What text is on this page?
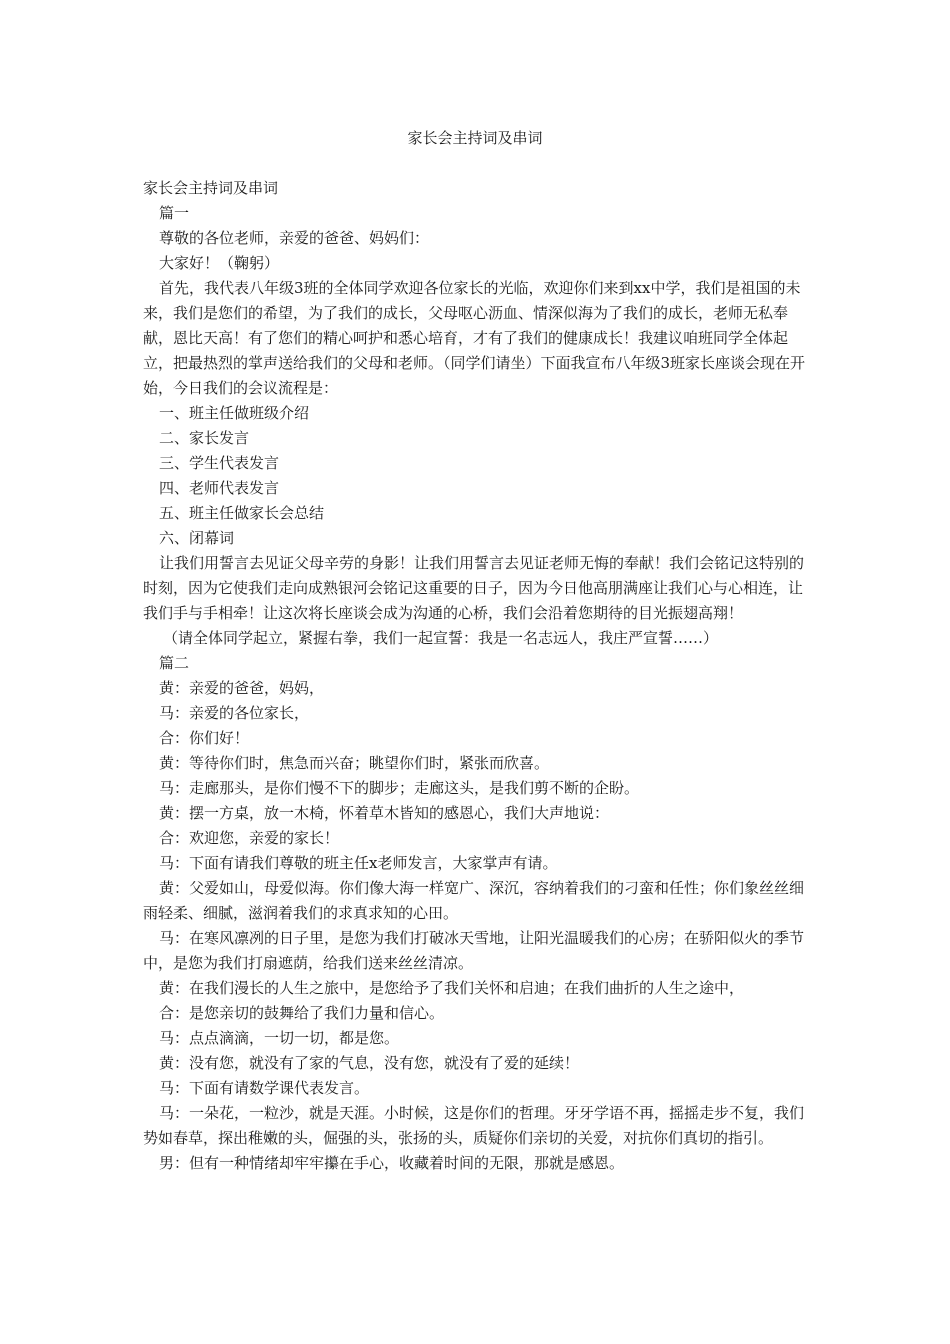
家长会主持词及串词

家长会主持词及串词

篇一

尊敬的各位老师，亲爱的爸爸、妈妈们：

大家好！（鞠躬）

首先，我代表八年级3班的全体同学欢迎各位家长的光临，欢迎你们来到xx中学，我们是祖国的未来，我们是您们的希望，为了我们的成长，父母呕心沥血、情深似海为了我们的成长，老师无私奉献，恩比天高！有了您们的精心呵护和悉心培育，才有了我们的健康成长！我建议咱班同学全体起立，把最热烈的掌声送给我们的父母和老师。（同学们请坐）下面我宣布八年级3班家长座谈会现在开始，今日我们的会议流程是：

一、班主任做班级介绍

二、家长发言

三、学生代表发言

四、老师代表发言

五、班主任做家长会总结

六、闭幕词

让我们用誓言去见证父母辛劳的身影！让我们用誓言去见证老师无悔的奉献！我们会铭记这特别的时刻，因为它使我们走向成熟银河会铭记这重要的日子，因为今日他高朋满座让我们心与心相连，让我们手与手相牵！让这次将长座谈会成为沟通的心桥，我们会沿着您期待的目光振翅高翔！

（请全体同学起立，紧握右拳，我们一起宣誓：我是一名志远人，我庄严宣誓……）

篇二

黄：亲爱的爸爸，妈妈，

马：亲爱的各位家长，

合：你们好！

黄：等待你们时，焦急而兴奋；眺望你们时，紧张而欣喜。

马：走廊那头，是你们慢不下的脚步；走廊这头，是我们剪不断的企盼。

黄：摆一方桌，放一木椅，怀着草木皆知的感恩心，我们大声地说：

合：欢迎您，亲爱的家长！

马：下面有请我们尊敬的班主任x老师发言，大家掌声有请。

黄：父爱如山，母爱似海。你们像大海一样宽广、深沉，容纳着我们的刁蛮和任性；你们象丝丝细雨轻柔、细腻，滋润着我们的求真求知的心田。

马：在寒风凛冽的日子里，是您为我们打破冰天雪地，让阳光温暖我们的心房；在骄阳似火的季节中，是您为我们打扇遮荫，给我们送来丝丝清凉。

黄：在我们漫长的人生之旅中，是您给予了我们关怀和启迪；在我们曲折的人生之途中，

合：是您亲切的鼓舞给了我们力量和信心。

马：点点滴滴，一切一切，都是您。

黄：没有您，就没有了家的气息，没有您，就没有了爱的延续！

马：下面有请数学课代表发言。

马：一朵花，一粒沙，就是天涯。小时候，这是你们的哲理。牙牙学语不再，摇摇走步不复，我们势如春草，探出稚嫩的头，倔强的头，张扬的头，质疑你们亲切的关爱，对抗你们真切的指引。

男：但有一种情绪却牢牢攥在手心，收藏着时间的无限，那就是感恩。
